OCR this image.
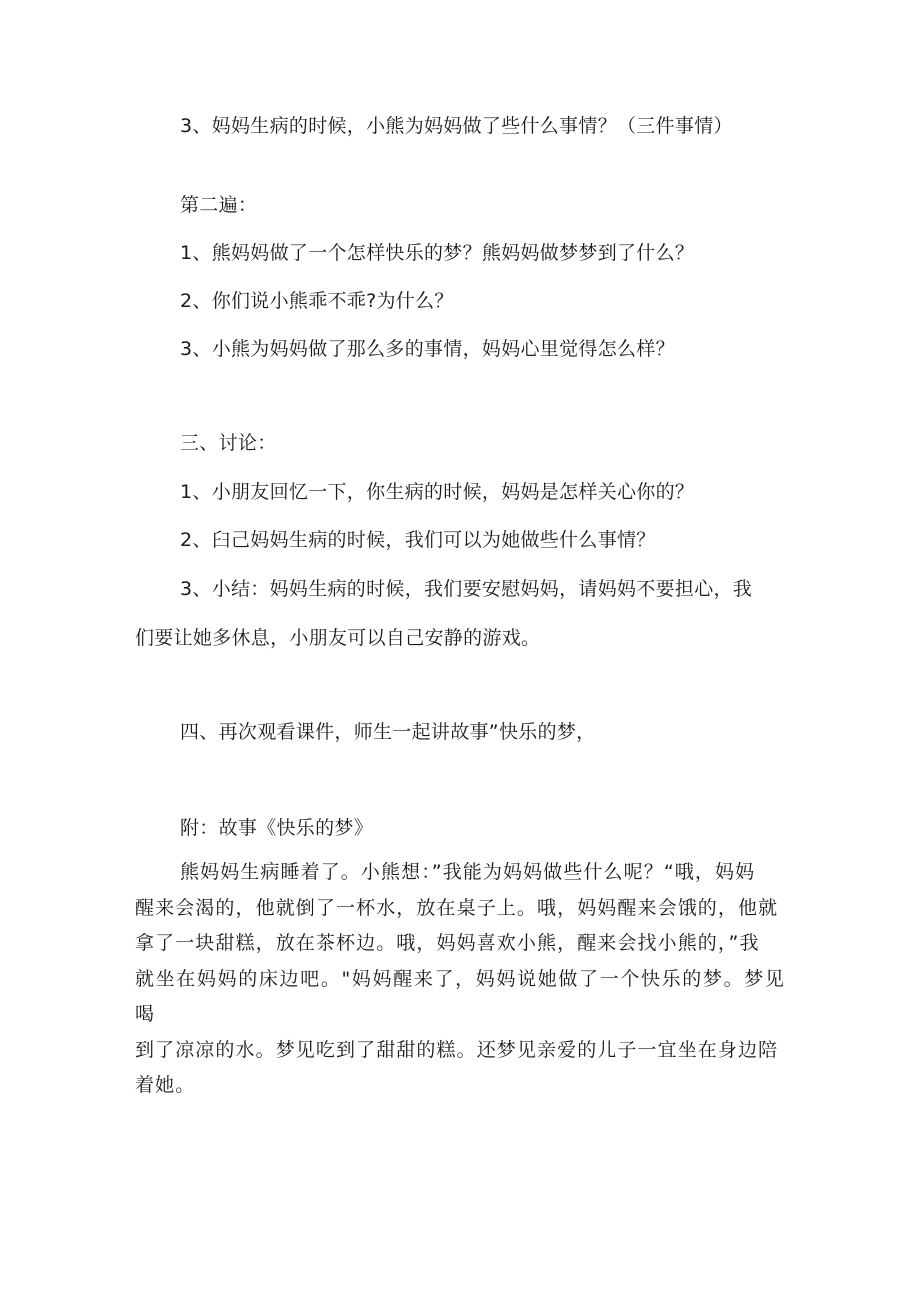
3、妈妈生病的时候，小熊为妈妈做了些什么事情？（三件事情）
第二遍：
1、熊妈妈做了一个怎样快乐的梦？熊妈妈做梦梦到了什么？
2、你们说小熊乖不乖?为什么？
3、小熊为妈妈做了那么多的事情，妈妈心里觉得怎么样？
三、讨论：
1、小朋友回忆一下，你生病的时候，妈妈是怎样关心你的？
2、臼己妈妈生病的时候，我们可以为她做些什么事情？
3、小结：妈妈生病的时候，我们要安慰妈妈，请妈妈不要担心，我
们要让她多休息，小朋友可以自己安静的游戏。
四、再次观看课件，师生一起讲故事”快乐的梦，
附：故事《快乐的梦》
熊妈妈生病睡着了。小熊想：”我能为妈妈做些什么呢？“哦，妈妈
醒来会渴的，他就倒了一杯水，放在桌子上。哦，妈妈醒来会饿的，他就
拿了一块甜糕，放在茶杯边。哦，妈妈喜欢小熊，醒来会找小熊的，”我
就坐在妈妈的床边吧。"妈妈醒来了，妈妈说她做了一个快乐的梦。梦见喝
到了凉凉的水。梦见吃到了甜甜的糕。还梦见亲爱的儿子一宜坐在身边陪
着她。
